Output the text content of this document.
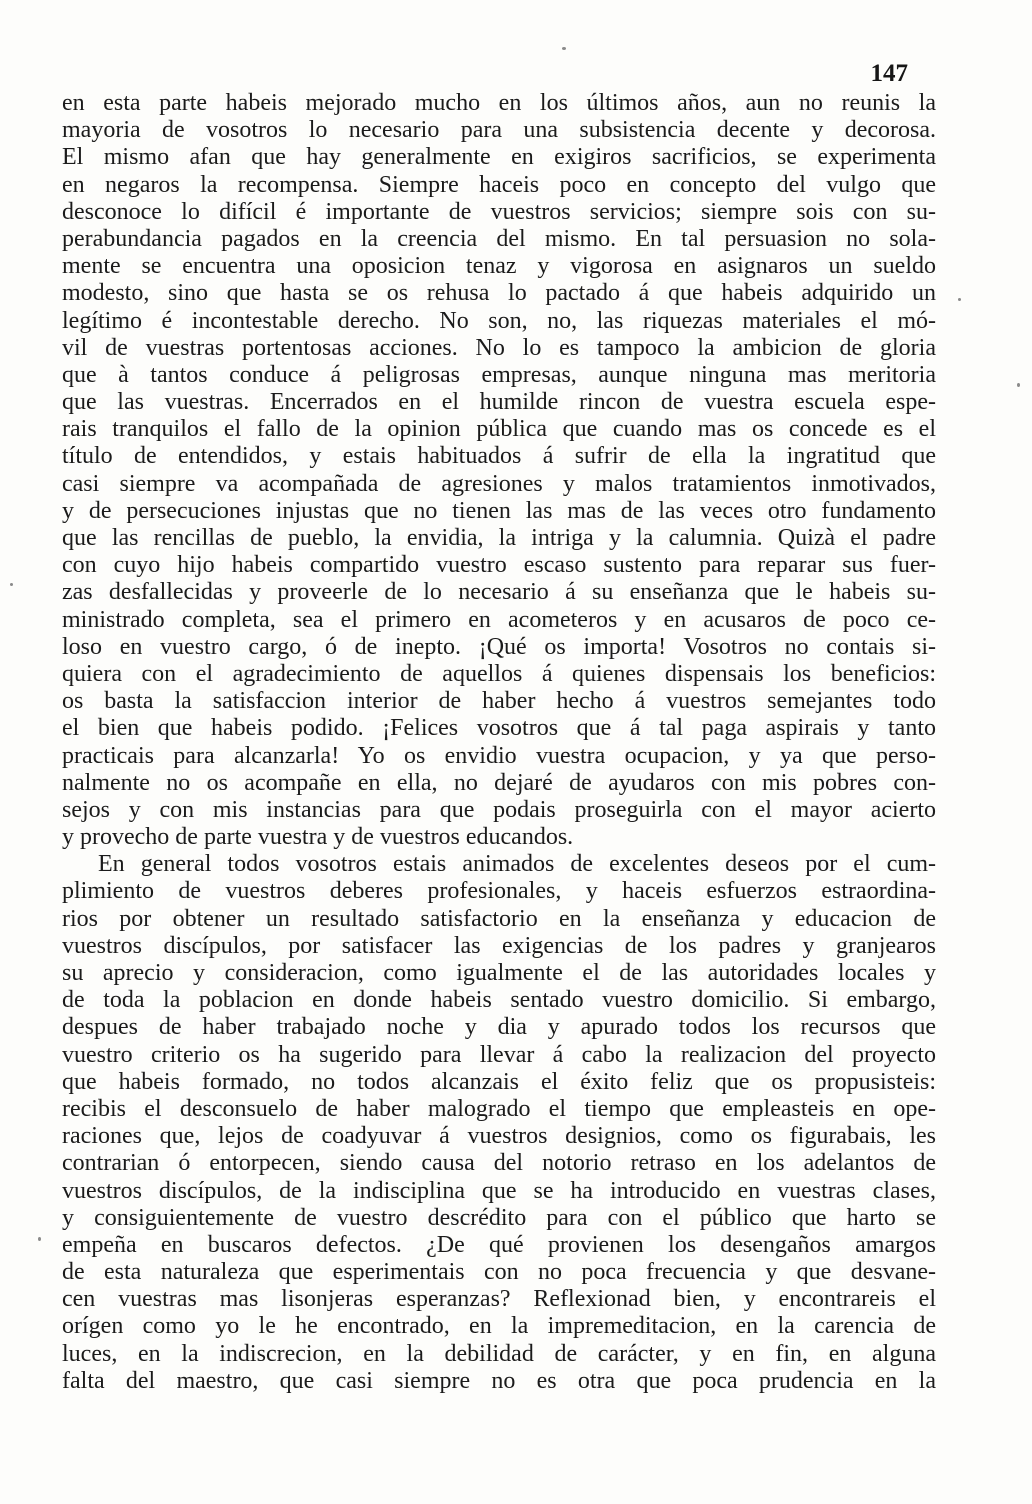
147
en esta parte habeis mejorado mucho en los últimos años, aun no reunis la
mayoria de vosotros lo necesario para una subsistencia decente y decorosa.
El mismo afan que hay generalmente en exigiros sacrificios, se experimenta
en negaros la recompensa. Siempre haceis poco en concepto del vulgo que
desconoce lo difícil é importante de vuestros servicios; siempre sois con su-
perabundancia pagados en la creencia del mismo. En tal persuasion no sola-
mente se encuentra una oposicion tenaz y vigorosa en asignaros un sueldo
modesto, sino que hasta se os rehusa lo pactado á que habeis adquirido un
legítimo é incontestable derecho. No son, no, las riquezas materiales el mó-
vil de vuestras portentosas acciones. No lo es tampoco la ambicion de gloria
que à tantos conduce á peligrosas empresas, aunque ninguna mas meritoria
que las vuestras. Encerrados en el humilde rincon de vuestra escuela espe-
rais tranquilos el fallo de la opinion pública que cuando mas os concede es el
título de entendidos, y estais habituados á sufrir de ella la ingratitud que
casi siempre va acompañada de agresiones y malos tratamientos inmotivados,
y de persecuciones injustas que no tienen las mas de las veces otro fundamento
que las rencillas de pueblo, la envidia, la intriga y la calumnia. Quizà el padre
con cuyo hijo habeis compartido vuestro escaso sustento para reparar sus fuer-
zas desfallecidas y proveerle de lo necesario á su enseñanza que le habeis su-
ministrado completa, sea el primero en acometeros y en acusaros de poco ce-
loso en vuestro cargo, ó de inepto. ¡Qué os importa! Vosotros no contais si-
quiera con el agradecimiento de aquellos á quienes dispensais los beneficios:
os basta la satisfaccion interior de haber hecho á vuestros semejantes todo
el bien que habeis podido. ¡Felices vosotros que á tal paga aspirais y tanto
practicais para alcanzarla! Yo os envidio vuestra ocupacion, y ya que perso-
nalmente no os acompañe en ella, no dejaré de ayudaros con mis pobres con-
sejos y con mis instancias para que podais proseguirla con el mayor acierto
y provecho de parte vuestra y de vuestros educandos.
En general todos vosotros estais animados de excelentes deseos por el cum-
plimiento de vuestros deberes profesionales, y haceis esfuerzos estraordina-
rios por obtener un resultado satisfactorio en la enseñanza y educacion de
vuestros discípulos, por satisfacer las exigencias de los padres y granjearos
su aprecio y consideracion, como igualmente el de las autoridades locales y
de toda la poblacion en donde habeis sentado vuestro domicilio. Si embargo,
despues de haber trabajado noche y dia y apurado todos los recursos que
vuestro criterio os ha sugerido para llevar á cabo la realizacion del proyecto
que habeis formado, no todos alcanzais el éxito feliz que os propusisteis:
recibis el desconsuelo de haber malogrado el tiempo que empleasteis en ope-
raciones que, lejos de coadyuvar á vuestros designios, como os figurabais, les
contrarian ó entorpecen, siendo causa del notorio retraso en los adelantos de
vuestros discípulos, de la indisciplina que se ha introducido en vuestras clases,
y consiguientemente de vuestro descrédito para con el público que harto se
empeña en buscaros defectos. ¿De qué provienen los desengaños amargos
de esta naturaleza que esperimentais con no poca frecuencia y que desvane-
cen vuestras mas lisonjeras esperanzas? Reflexionad bien, y encontrareis el
orígen como yo le he encontrado, en la impremeditacion, en la carencia de
luces, en la indiscrecion, en la debilidad de carácter, y en fin, en alguna
falta del maestro, que casi siempre no es otra que poca prudencia en la
